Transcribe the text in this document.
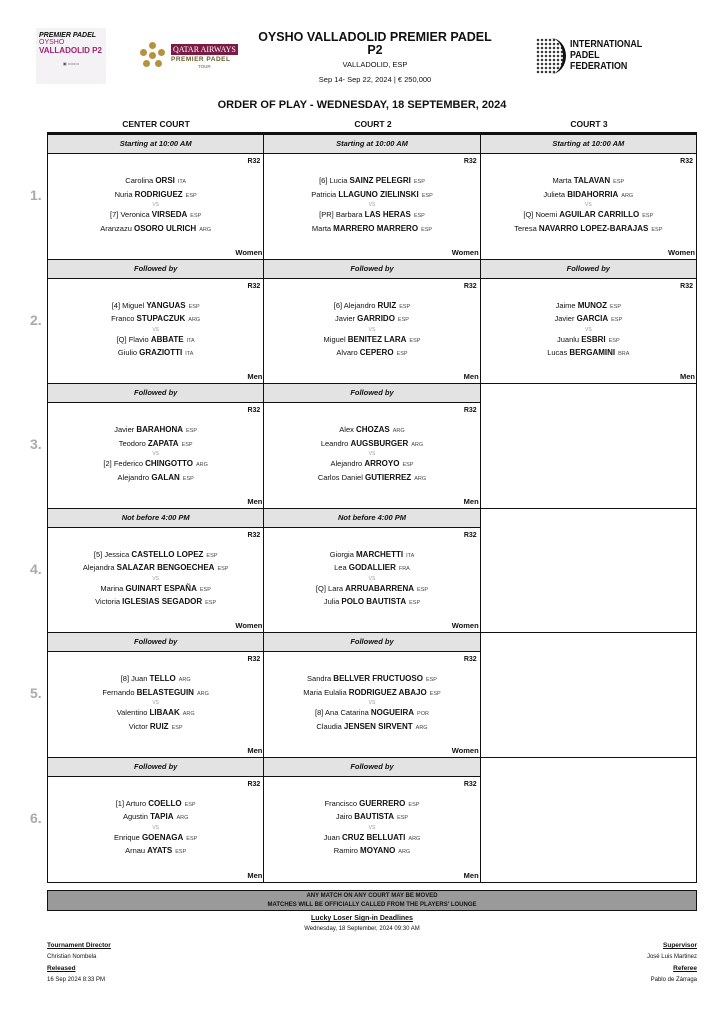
PREMIER PADEL
OYSHO
VALLADOLID P2
▣ ▭▭▭
QATAR AIRWAYS
PREMIER PADEL
TOUR
OYSHO VALLADOLID PREMIER PADEL
P2
VALLADOLID, ESP
Sep 14- Sep 22, 2024 | € 250,000
INTERNATIONAL
PADEL
FEDERATION
ORDER OF PLAY - WEDNESDAY, 18 SEPTEMBER, 2024
CENTER COURT	COURT 2	COURT 3
Starting at 10:00 AM
R32
Women
Carolina ORSI ITA
Nuria RODRIGUEZ ESP
VS
[7] Veronica VIRSEDA ESP
Aranzazu OSORO ULRICH ARG
Starting at 10:00 AM
R32
Women
[6] Lucia SAINZ PELEGRI ESP
Patricia LLAGUNO ZIELINSKI ESP
VS
[PR] Barbara LAS HERAS ESP
Marta MARRERO MARRERO ESP
Starting at 10:00 AM
R32
Women
Marta TALAVAN ESP
Julieta BIDAHORRIA ARG
VS
[Q] Noemi AGUILAR CARRILLO ESP
Teresa NAVARRO LOPEZ-BARAJAS ESP
Followed by
R32
Men
[4] Miguel YANGUAS ESP
Franco STUPACZUK ARG
VS
[Q] Flavio ABBATE ITA
Giulio GRAZIOTTI ITA
Followed by
R32
Men
[6] Alejandro RUIZ ESP
Javier GARRIDO ESP
VS
Miguel BENITEZ LARA ESP
Alvaro CEPERO ESP
Followed by
R32
Men
Jaime MUNOZ ESP
Javier GARCIA ESP
VS
Juanlu ESBRI ESP
Lucas BERGAMINI BRA
Followed by
R32
Men
Javier BARAHONA ESP
Teodoro ZAPATA ESP
VS
[2] Federico CHINGOTTO ARG
Alejandro GALAN ESP
Followed by
R32
Men
Alex CHOZAS ARG
Leandro AUGSBURGER ARG
VS
Alejandro ARROYO ESP
Carlos Daniel GUTIERREZ ARG
Not before 4:00 PM
R32
Women
[5] Jessica CASTELLO LOPEZ ESP
Alejandra SALAZAR BENGOECHEA ESP
VS
Marina GUINART ESPAÑA ESP
Victoria IGLESIAS SEGADOR ESP
Not before 4:00 PM
R32
Women
Giorgia MARCHETTI ITA
Lea GODALLIER FRA
VS
[Q] Lara ARRUABARRENA ESP
Julia POLO BAUTISTA ESP
Followed by
R32
Men
[8] Juan TELLO ARG
Fernando BELASTEGUIN ARG
VS
Valentino LIBAAK ARG
Victor RUIZ ESP
Followed by
R32
Women
Sandra BELLVER FRUCTUOSO ESP
Maria Eulalia RODRIGUEZ ABAJO ESP
VS
[8] Ana Catarina NOGUEIRA POR
Claudia JENSEN SIRVENT ARG
Followed by
R32
Men
[1] Arturo COELLO ESP
Agustin TAPIA ARG
VS
Enrique GOENAGA ESP
Arnau AYATS ESP
Followed by
R32
Men
Francisco GUERRERO ESP
Jairo BAUTISTA ESP
VS
Juan CRUZ BELLUATI ARG
Ramiro MOYANO ARG
ANY MATCH ON ANY COURT MAY BE MOVED
MATCHES WILL BE OFFICIALLY CALLED FROM THE PLAYERS' LOUNGE
Lucky Loser Sign-in Deadlines
Wednesday, 18 September, 2024 09:30 AM
Tournament Director
Christian Nombela
Released
16 Sep 2024 8:33 PM
Supervisor
José Luis Martinez
Referee
Pablo de Zárraga
1.
2.
3.
4.
5.
6.
